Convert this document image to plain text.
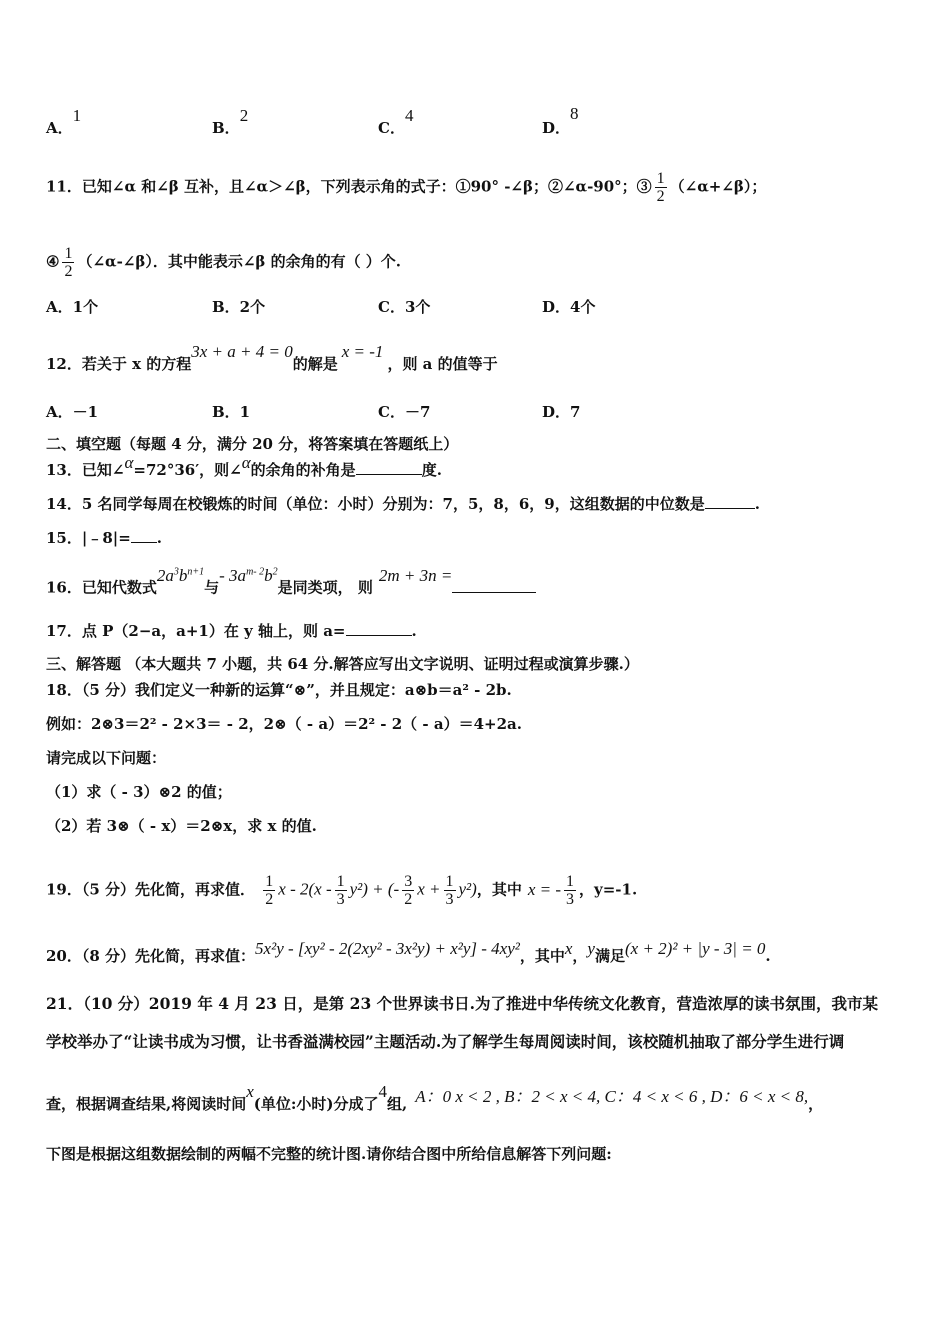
A．1
B．2
C．4
D．8
11．已知∠α 和∠β 互补，且∠α＞∠β，下列表示角的式子：①90° -∠β；②∠α-90°；③ $\frac{1}{2}$ （∠α+∠β）；
④ $\frac{1}{2}$ （∠α-∠β）．其中能表示∠β 的余角的有（ ）个.
A．1个	B．2个	C．3个	D．4个
12．若关于 x 的方程3x + a + 4 = 0的解是x = -1，则 a 的值等于
A．－1	B．1	C．－7	D．7
二、填空题（每题 4 分，满分 20 分，将答案填在答题纸上）
13．已知∠α=72°36′，则∠α的余角的补角是	度.
14．5 名同学每周在校锻炼的时间（单位：小时）分别为：7，5，8，6，9，这组数据的中位数是	.
15．|﹣8|= .
16．已知代数式$2a^3b^{n+1}$与- $3a^{m- 2}b^2$是同类项， 则2m + 3n =
17．点 P（2−a，a+1）在 y 轴上，则 a=	.
三、解答题 （本大题共 7 小题，共 64 分.解答应写出文字说明、证明过程或演算步骤.）
18．（5 分）我们定义一种新的运算“⊗”，并且规定：a⊗b＝a² - 2b.
例如：2⊗3＝2² - 2×3＝ - 2，2⊗（ - a）＝2² - 2（ - a）＝4+2a.
请完成以下问题：
（1）求（ - 3）⊗2 的值；
（2）若 3⊗（ - x）＝2⊗x，求 x 的值.
19．（5 分）先化简，再求值． $\frac{1}{2}$ x - $2(x - \frac{1}{3} y^2)$ + (- $\frac{3}{2}$ $x + \frac{1}{3} y^2$)，其中 x = - $\frac{1}{3}$ ，y=-1.
20．（8 分）先化简，再求值：5x²y - [xy² - 2(2xy² - 3x²y) + x²y] - 4xy²，其中x，y满足(x + 2)² + |y - 3| = 0.
21．（10 分）2019 年 4 月 23 日，是第 23 个世界读书日.为了推进中华传统文化教育，营造浓厚的读书氛围，我市某
学校举办了“让读书成为习惯，让书香溢满校园”主题活动.为了解学生每周阅读时间，该校随机抽取了部分学生进行调
查，根据调查结果,将阅读时间x(单位:小时)分成了4组, A：0 x < 2 , B：2 < x < 4, C：4 < x < 6 , D：6 < x < 8,，
下图是根据这组数据绘制的两幅不完整的统计图.请你结合图中所给信息解答下列问题:
